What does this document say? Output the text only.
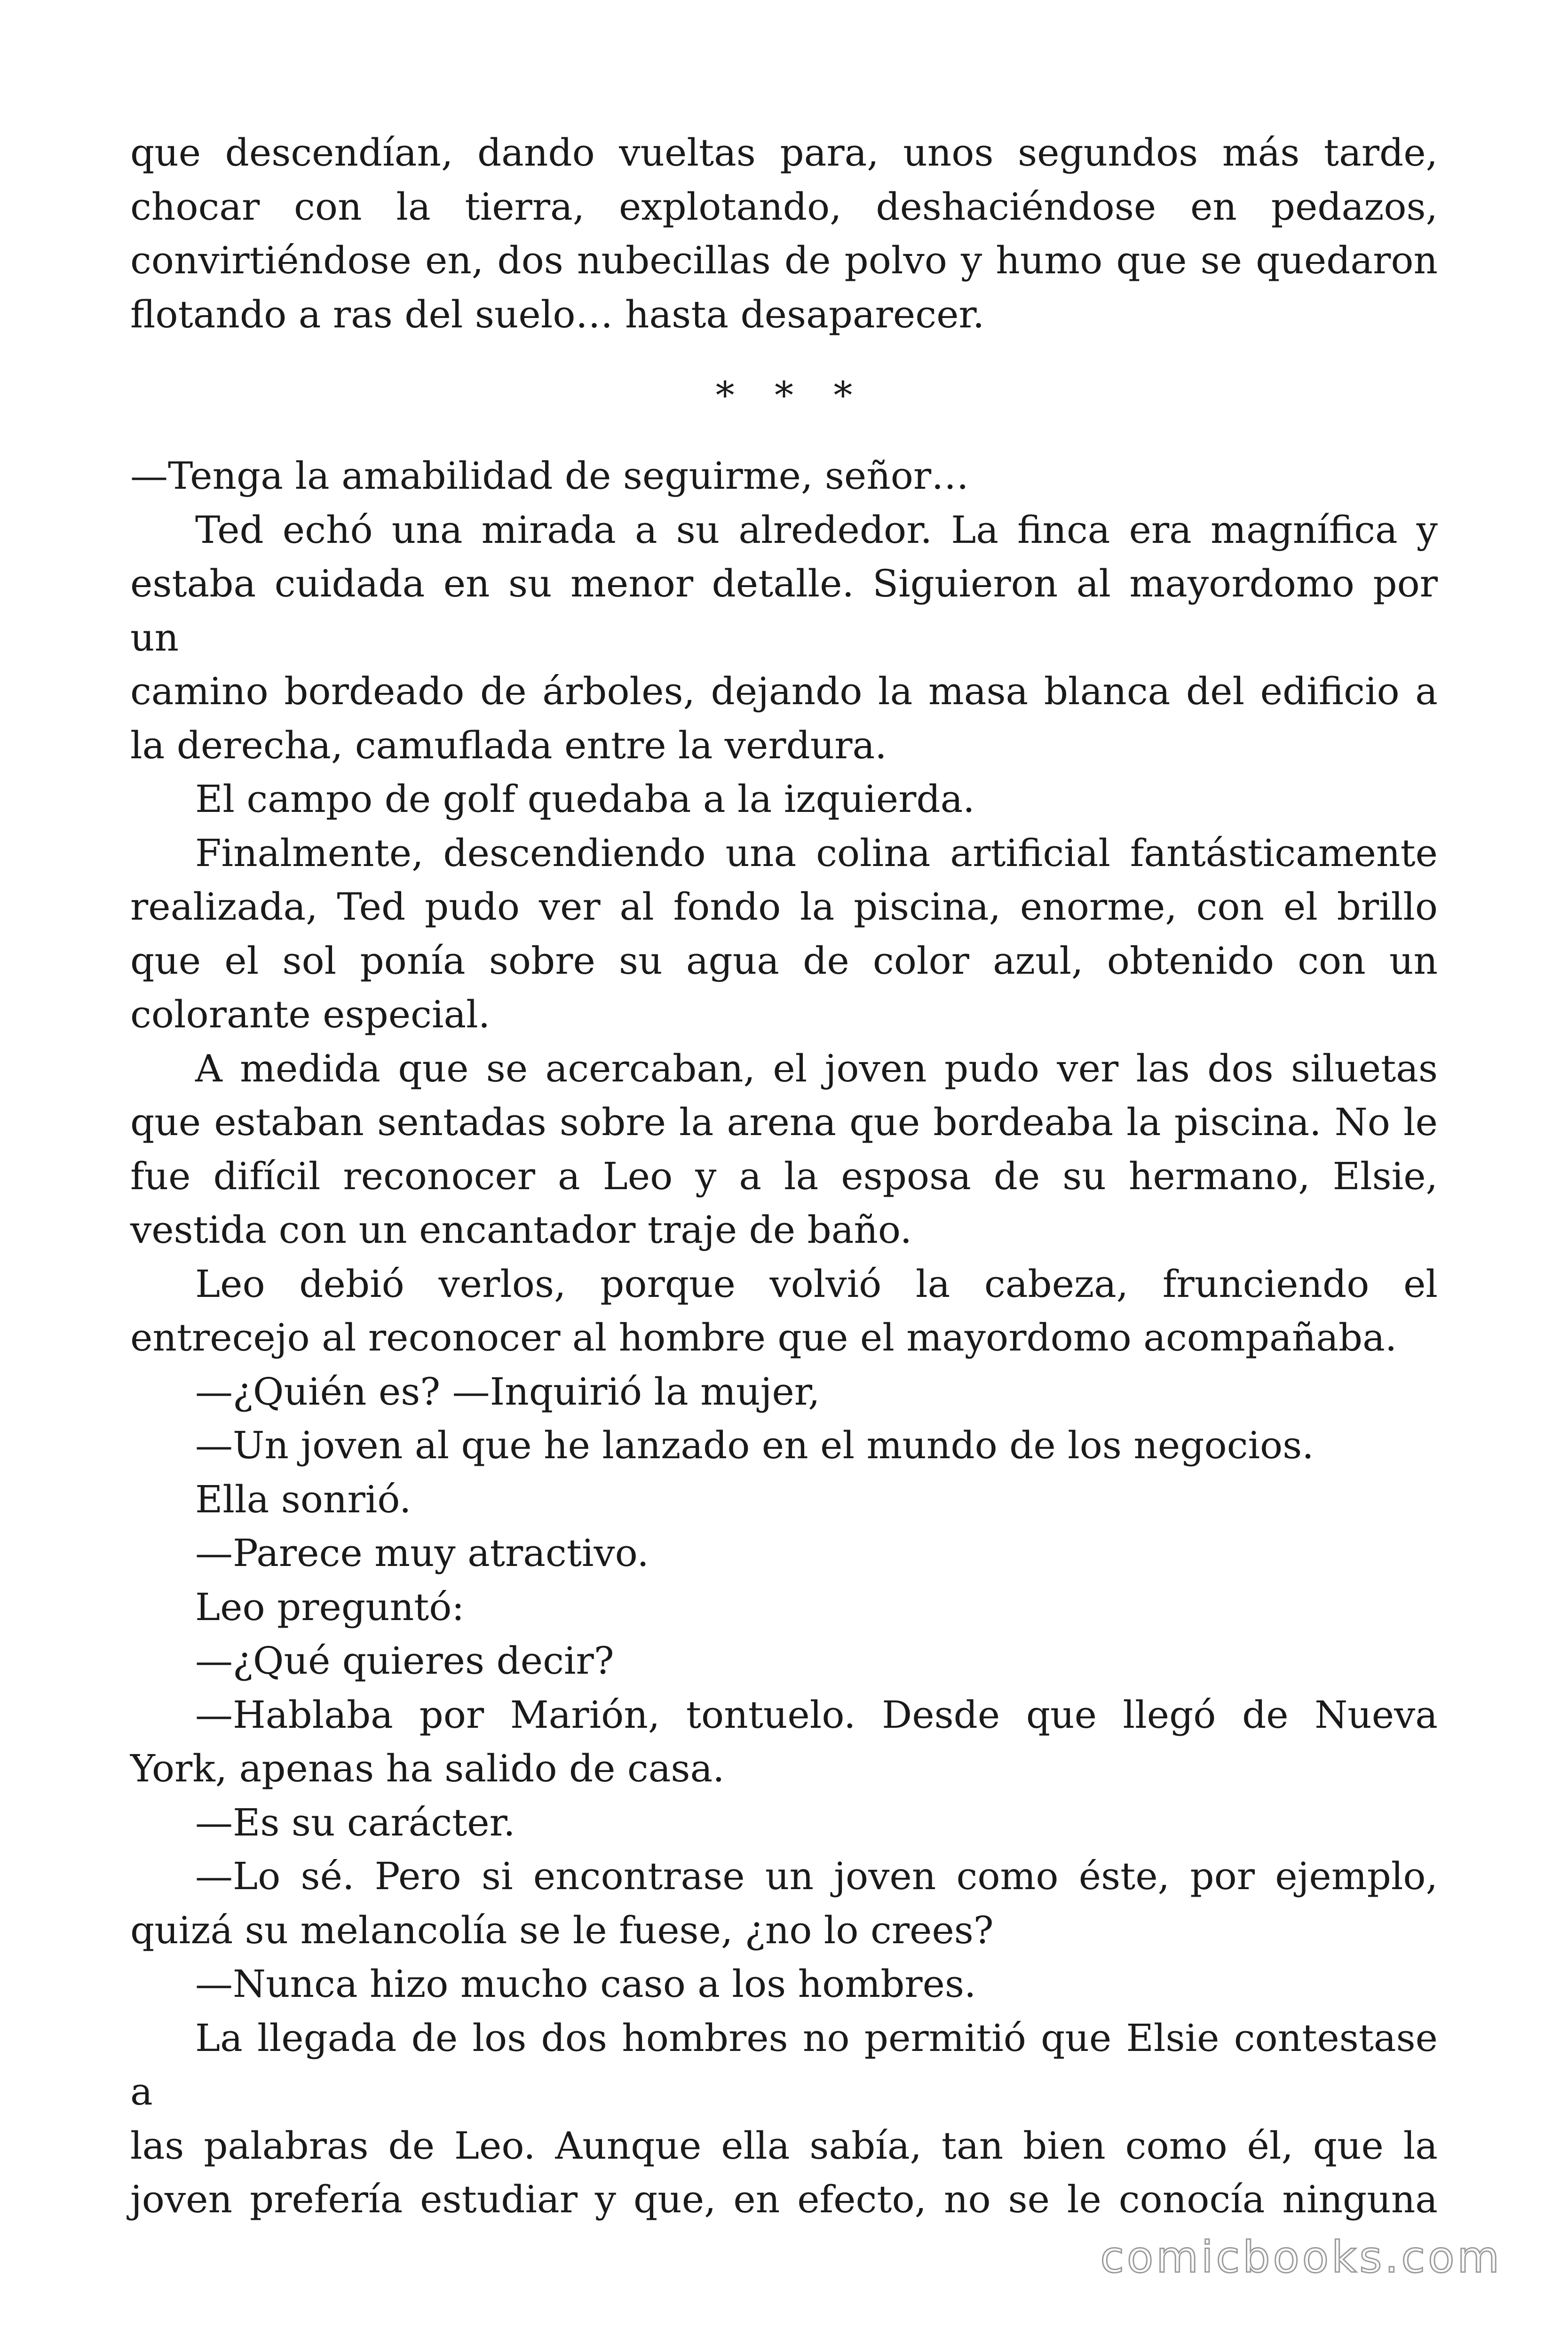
que descendían, dando vueltas para, unos segundos más tarde,

chocar con la tierra, explotando, deshaciéndose en pedazos,

convirtiéndose en, dos nubecillas de polvo y humo que se quedaron

flotando a ras del suelo… hasta desaparecer.

* * *

—Tenga la amabilidad de seguirme, señor…

Ted echó una mirada a su alrededor. La finca era magnífica y

estaba cuidada en su menor detalle. Siguieron al mayordomo por un

camino bordeado de árboles, dejando la masa blanca del edificio a

la derecha, camuflada entre la verdura.

El campo de golf quedaba a la izquierda.

Finalmente, descendiendo una colina artificial fantásticamente

realizada, Ted pudo ver al fondo la piscina, enorme, con el brillo

que el sol ponía sobre su agua de color azul, obtenido con un

colorante especial.

A medida que se acercaban, el joven pudo ver las dos siluetas

que estaban sentadas sobre la arena que bordeaba la piscina. No le

fue difícil reconocer a Leo y a la esposa de su hermano, Elsie,

vestida con un encantador traje de baño.

Leo debió verlos, porque volvió la cabeza, frunciendo el

entrecejo al reconocer al hombre que el mayordomo acompañaba.

—¿Quién es? —Inquirió la mujer,

—Un joven al que he lanzado en el mundo de los negocios.

Ella sonrió.

—Parece muy atractivo.

Leo preguntó:

—¿Qué quieres decir?

—Hablaba por Marión, tontuelo. Desde que llegó de Nueva

York, apenas ha salido de casa.

—Es su carácter.

—Lo sé. Pero si encontrase un joven como éste, por ejemplo,

quizá su melancolía se le fuese, ¿no lo crees?

—Nunca hizo mucho caso a los hombres.

La llegada de los dos hombres no permitió que Elsie contestase a

las palabras de Leo. Aunque ella sabía, tan bien como él, que la

joven prefería estudiar y que, en efecto, no se le conocía ninguna

comicbooks.com
